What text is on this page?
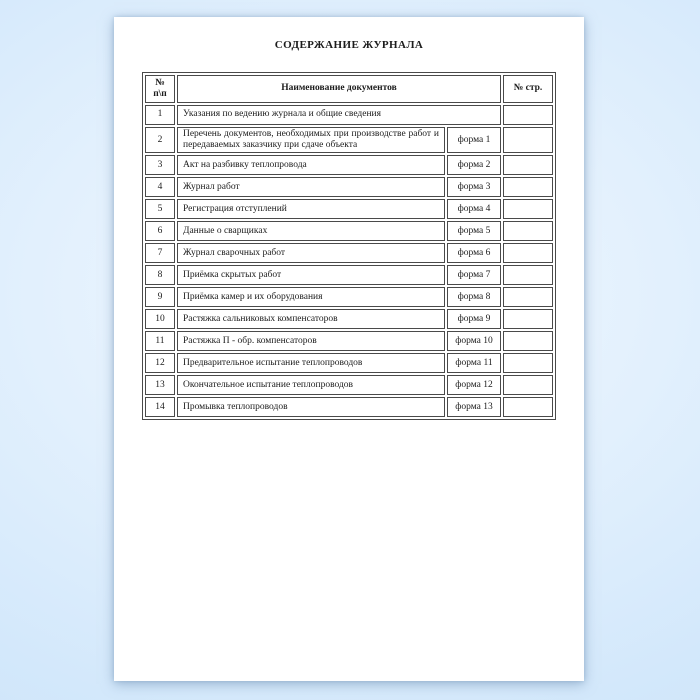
СОДЕРЖАНИЕ ЖУРНАЛА

№
п\п	Наименование документов		№ стр.
1	Указания по ведению журнала и общие сведения		
2	Перечень документов, необходимых при производстве работ и передаваемых заказчику при сдаче объекта	форма 1	
3	Акт на разбивку теплопровода	форма 2	
4	Журнал работ	форма 3	
5	Регистрация отступлений	форма 4	
6	Данные о сварщиках	форма 5	
7	Журнал сварочных работ	форма 6	
8	Приёмка скрытых работ	форма 7	
9	Приёмка камер и их оборудования	форма 8	
10	Растяжка сальниковых компенсаторов	форма 9	
11	Растяжка П - обр. компенсаторов	форма 10	
12	Предварительное испытание теплопроводов	форма 11	
13	Окончательное испытание теплопроводов	форма 12	
14	Промывка теплопроводов	форма 13	
